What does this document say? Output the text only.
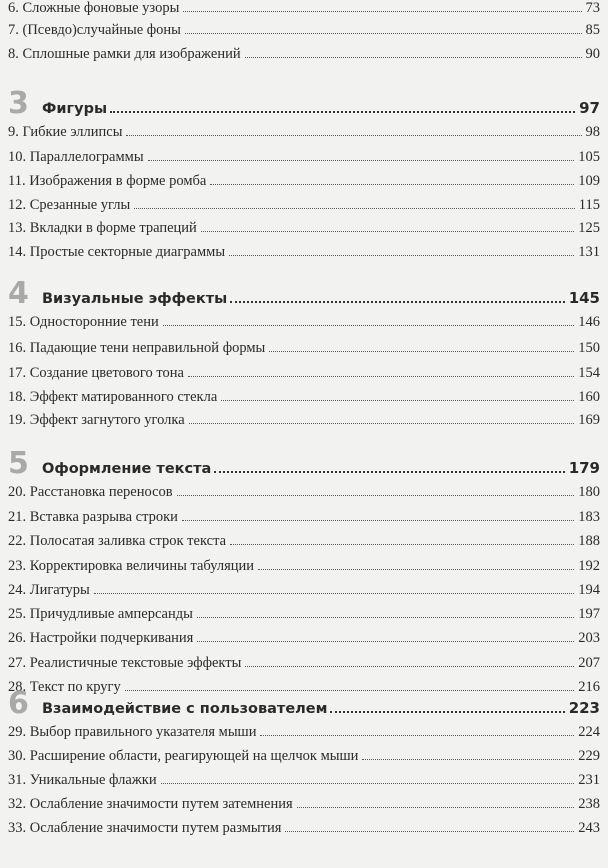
6. Сложные фоновые узоры	73
7. (Псевдо)случайные фоны	85
8. Сплошные рамки для изображений	90
3 Фигуры	97
9. Гибкие эллипсы	98
10. Параллелограммы	105
11. Изображения в форме ромба	109
12. Срезанные углы	115
13. Вкладки в форме трапеций	125
14. Простые секторные диаграммы	131
4 Визуальные эффекты	145
15. Односторонние тени	146
16. Падающие тени неправильной формы	150
17. Создание цветового тона	154
18. Эффект матированного стекла	160
19. Эффект загнутого уголка	169
5 Оформление текста	179
20. Расстановка переносов	180
21. Вставка разрыва строки	183
22. Полосатая заливка строк текста	188
23. Корректировка величины табуляции	192
24. Лигатуры	194
25. Причудливые амперсанды	197
26. Настройки подчеркивания	203
27. Реалистичные текстовые эффекты	207
28. Текст по кругу	216
6 Взаимодействие с пользователем	223
29. Выбор правильного указателя мыши	224
30. Расширение области, реагирующей на щелчок мыши	229
31. Уникальные флажки	231
32. Ослабление значимости путем затемнения	238
33. Ослабление значимости путем размытия	243
